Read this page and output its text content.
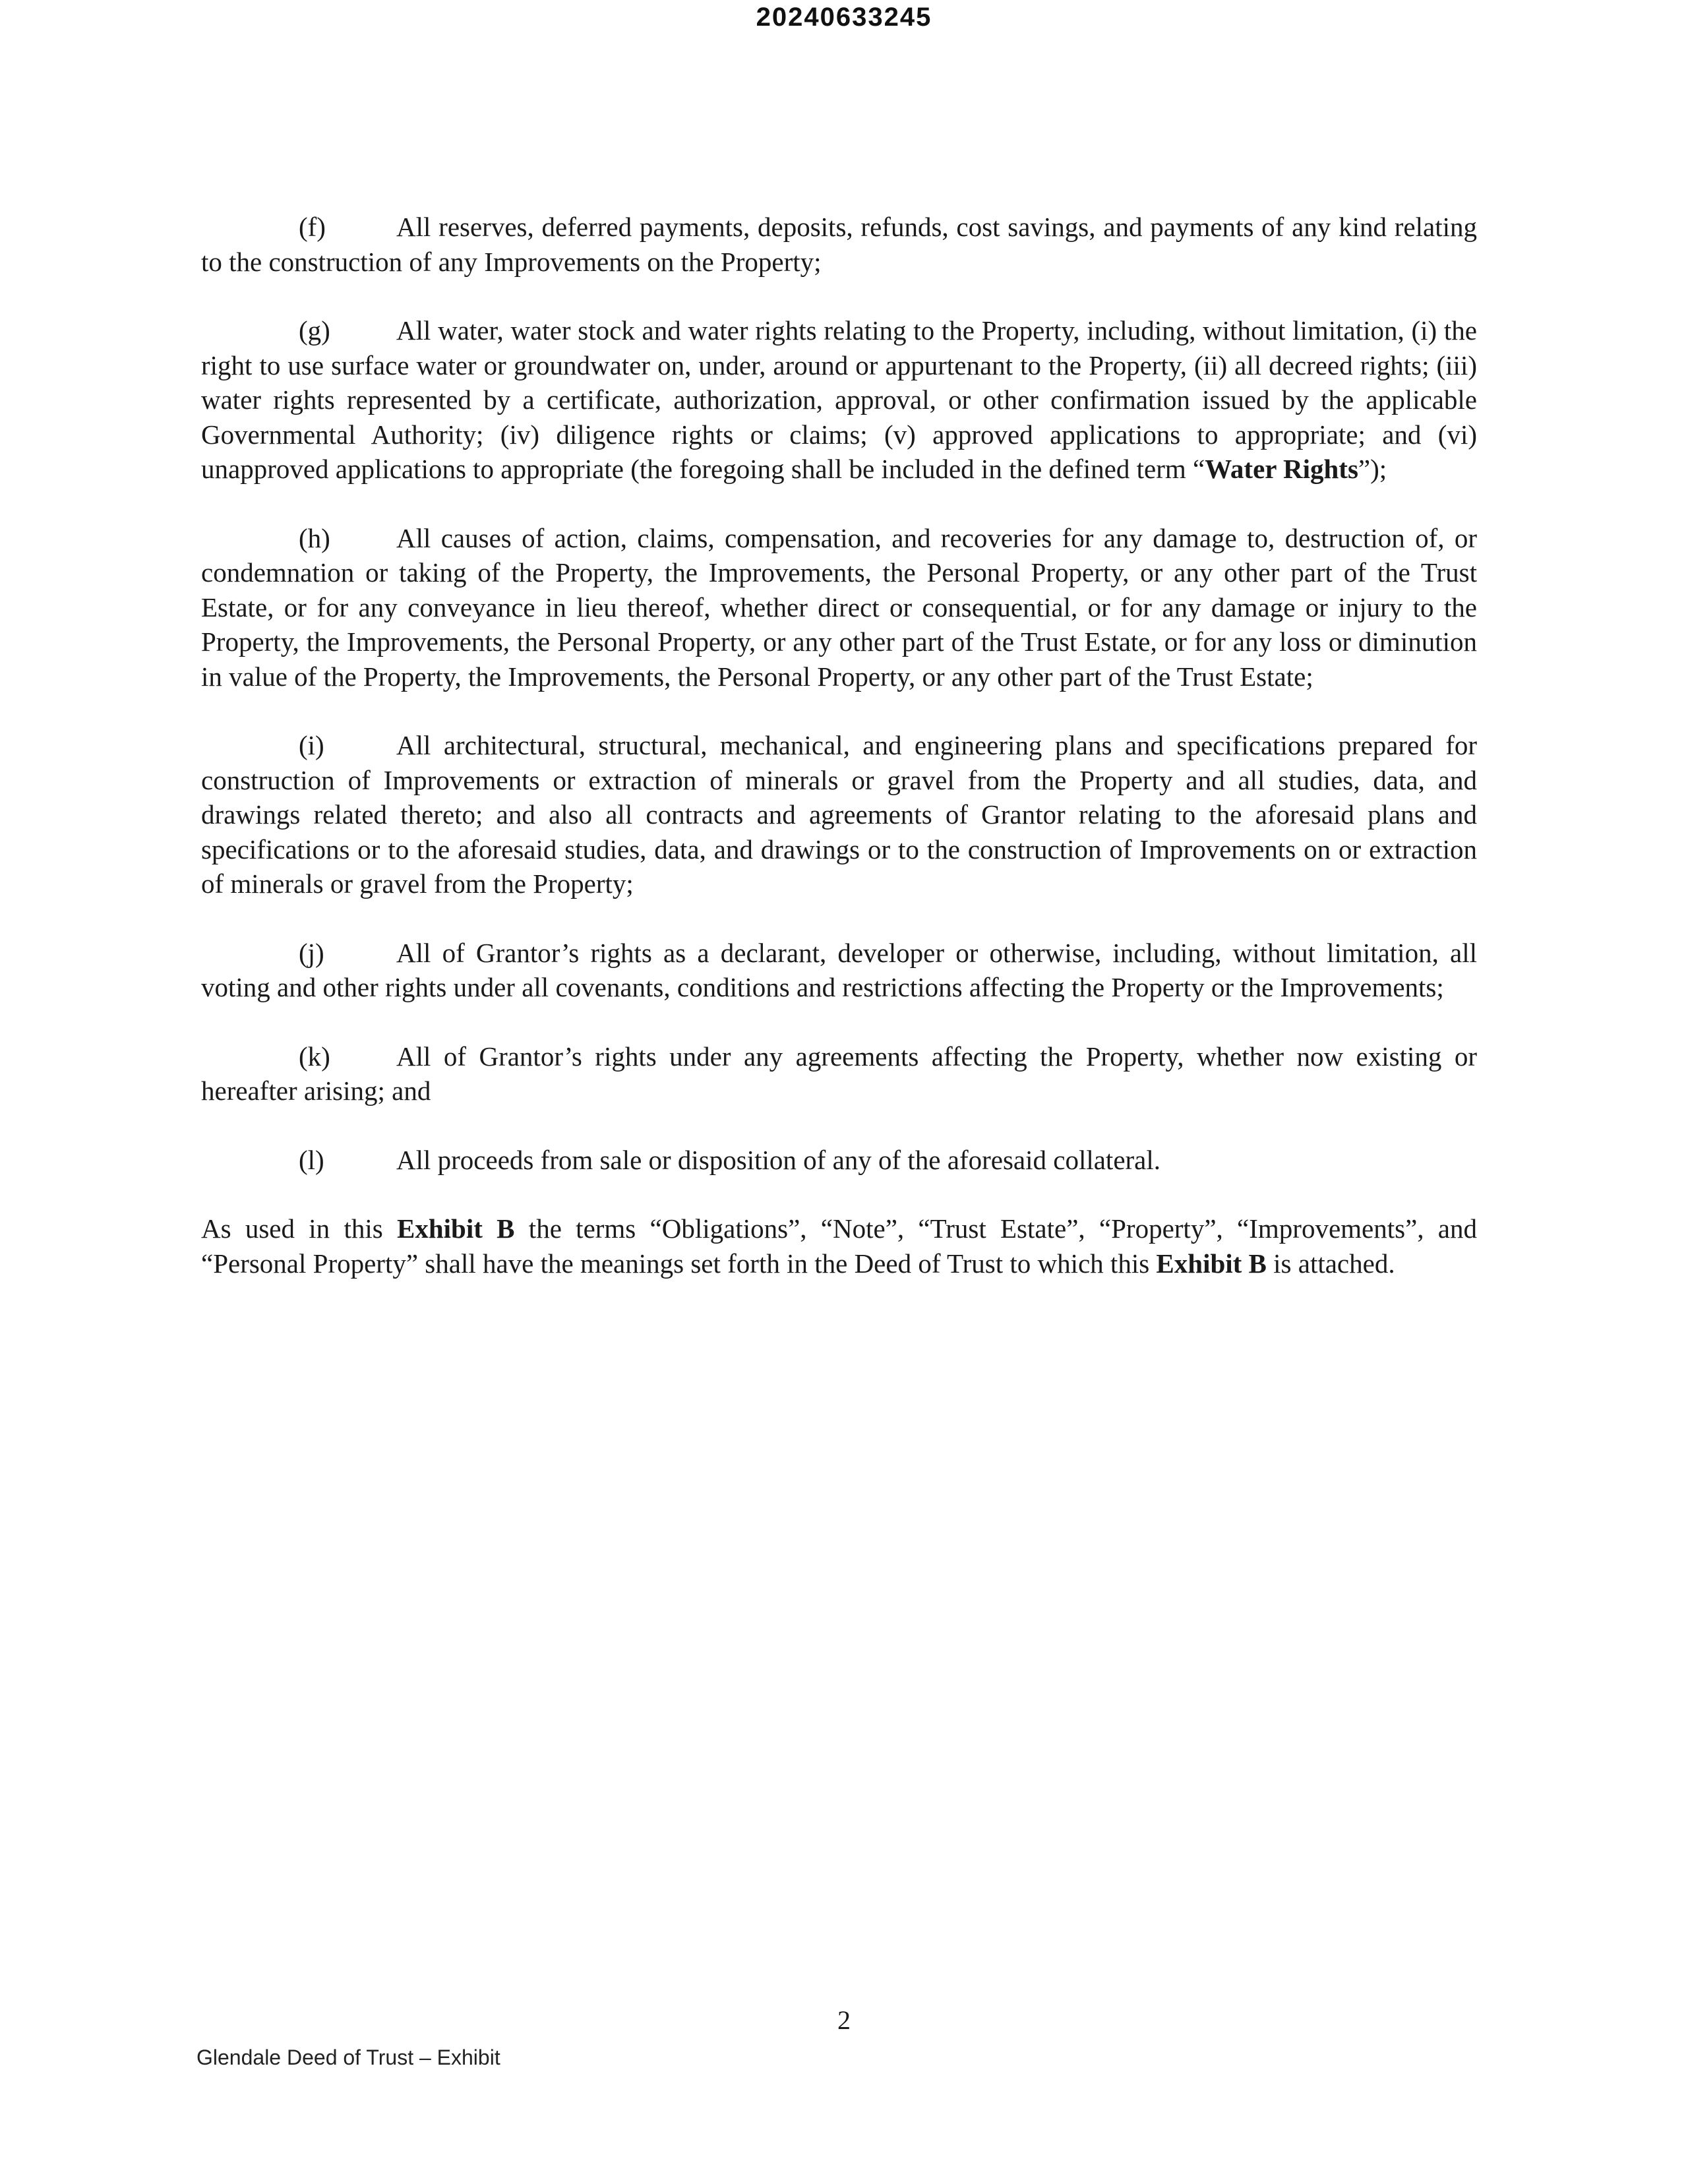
20240633245

(f)	All reserves, deferred payments, deposits, refunds, cost savings, and payments of any kind relating to the construction of any Improvements on the Property;

(g) All water, water stock and water rights relating to the Property, including, without limitation, (i) the right to use surface water or groundwater on, under, around or appurtenant to the Property, (ii) all decreed rights; (iii) water rights represented by a certificate, authorization, approval, or other confirmation issued by the applicable Governmental Authority; (iv) diligence rights or claims; (v) approved applications to appropriate; and (vi) unapproved applications to appropriate (the foregoing shall be included in the defined term “Water Rights”);

(h) All causes of action, claims, compensation, and recoveries for any damage to, destruction of, or condemnation or taking of the Property, the Improvements, the Personal Property, or any other part of the Trust Estate, or for any conveyance in lieu thereof, whether direct or consequential, or for any damage or injury to the Property, the Improvements, the Personal Property, or any other part of the Trust Estate, or for any loss or diminution in value of the Property, the Improvements, the Personal Property, or any other part of the Trust Estate;

(i)	All architectural, structural, mechanical, and engineering plans and specifications prepared for construction of Improvements or extraction of minerals or gravel from the Property and all studies, data, and drawings related thereto; and also all contracts and agreements of Grantor relating to the aforesaid plans and specifications or to the aforesaid studies, data, and drawings or to the construction of Improvements on or extraction of minerals or gravel from the Property;

(j)	All of Grantor’s rights as a declarant, developer or otherwise, including, without limitation, all voting and other rights under all covenants, conditions and restrictions affecting the Property or the Improvements;

(k) All of Grantor’s rights under any agreements affecting the Property, whether now existing or hereafter arising; and

(l)	All proceeds from sale or disposition of any of the aforesaid collateral.

As used in this Exhibit B the terms “Obligations”, “Note”, “Trust Estate”, “Property”, “Improvements”, and “Personal Property” shall have the meanings set forth in the Deed of Trust to which this Exhibit B is attached.

2
Glendale Deed of Trust – Exhibit
